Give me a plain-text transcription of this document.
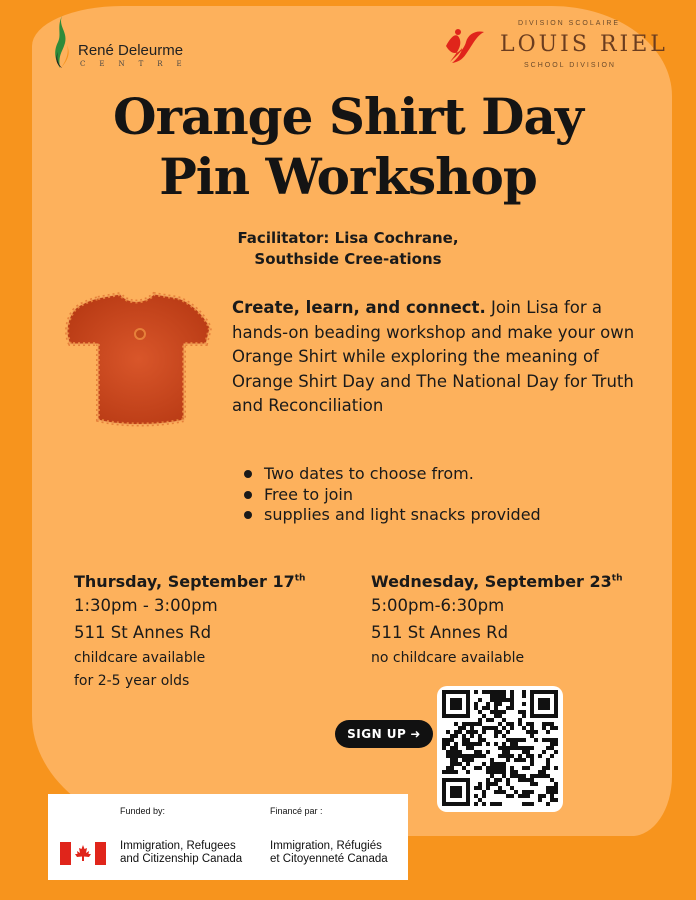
René Deleurme
CENTRE
DIVISION SCOLAIRE
LOUIS RIEL
SCHOOL DIVISION
Orange Shirt Day
Pin Workshop
Facilitator: Lisa Cochrane,
Southside Cree-ations
Create, learn, and connect. Join Lisa for a hands-on beading workshop and make your own Orange Shirt while exploring the meaning of Orange Shirt Day and The National Day for Truth and Reconciliation
Two dates to choose from.
Free to join
supplies and light snacks provided
Thursday, September 17th
1:30pm - 3:00pm
511 St Annes Rd
childcare available
for 2-5 year olds
Wednesday, September 23th
5:00pm-6:30pm
511 St Annes Rd
no childcare available
SIGN UP ➜
Funded by:	Financé par :
Immigration, Refugees
and Citizenship Canada
Immigration, Réfugiés
et Citoyenneté Canada
